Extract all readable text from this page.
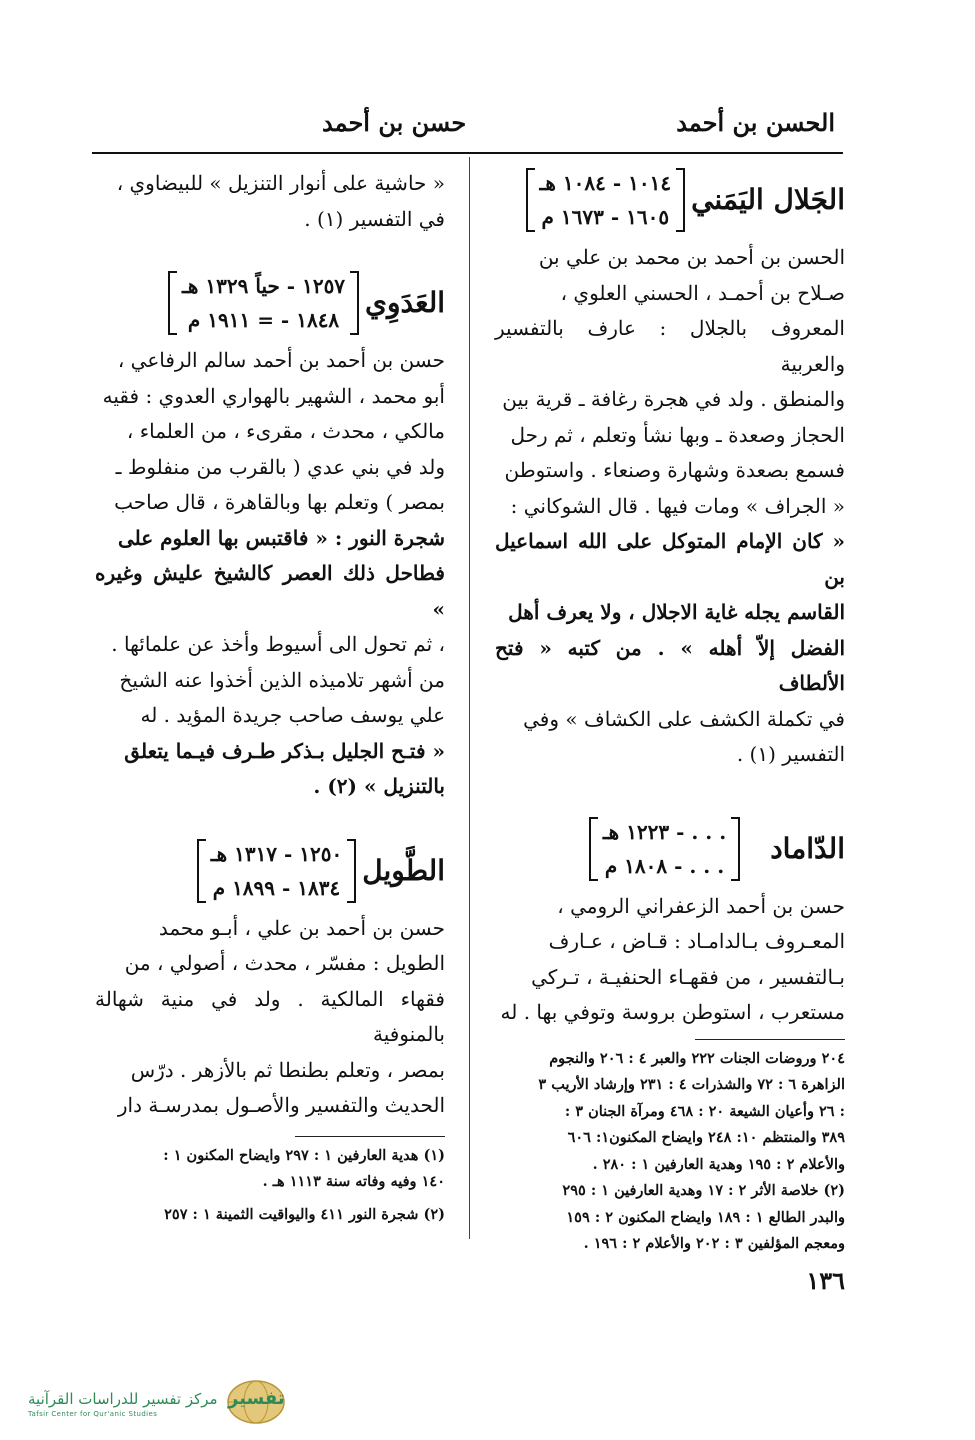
الحسن بن أحمد
حسن بن أحمد
الجَلال اليَمَني
١٠١٤ - ١٠٨٤ هـ
١٦٠٥ - ١٦٧٣ م

الحسن بن أحمد بن محمد بن علي بن

صـلاح بن أحمـد ، الحسني العلوي ،

المعروف بالجلال : عارف بالتفسير والعربية

والمنطق . ولد في هجرة رغافة ـ قرية بين

الحجاز وصعدة ـ وبها نشأ وتعلم ، ثم رحل

فسمع بصعدة وشهارة وصنعاء . واستوطن

« الجراف » ومات فيها . قال الشوكاني :

« كان الإمام المتوكل على الله اسماعيل بن

القاسم يجله غاية الاجلال ، ولا يعرف أهل

الفضل إلاّ أهله » . من كتبه « فتح الألطاف

في تكملة الكشف على الكشاف » وفي

التفسير (١) .

الدّاماد
. . . - ١٢٢٣ هـ
. . . - ١٨٠٨ م

حسن بن أحمد الزعفراني الرومي ،

المعـروف بـالدامـاد : قـاض ، عـارف

بـالتفسير ، من فقهـاء الحنفيـة ، تـركي

مستعرب ، استوطن بروسة وتوفي بها . له

٢٠٤ وروضات الجنات ٢٢٢ والعبر ٤ : ٢٠٦ والنجوم

الزاهرة ٦ : ٧٢ والشذرات ٤ : ٢٣١ وإرشاد الأريب ٣

: ٢٦ وأعيان الشيعة ٢٠ : ٤٦٨ ومرآة الجنان ٣ :

٣٨٩ والمنتظم ١٠: ٢٤٨ وايضاح المكنون١: ٦٠٦

والأعلام ٢ : ١٩٥ وهدية العارفين ١ : ٢٨٠ .

(٢) خلاصة الأثر ٢ : ١٧ وهدية العارفين ١ : ٢٩٥

والبدر الطالع ١ : ١٨٩ وايضاح المكنون ٢ : ١٥٩

ومعجم المؤلفين ٣ : ٢٠٢ والأعلام ٢ : ١٩٦ .

« حاشية على أنوار التنزيل » للبيضاوي ،

في التفسير (١) .

العَدَوِي
١٢٥٧ - حياً ١٣٢٩ هـ
١٨٤٨ - = ١٩١١ م

حسن بن أحمد بن أحمد سالم الرفاعي ،

أبو محمد ، الشهير بالهواري العدوي : فقيه

مالكي ، محدث ، مقرىء ، من العلماء ،

ولد في بني عدي ( بالقرب من منفلوط ـ

بمصر ) وتعلم بها وبالقاهرة ، قال صاحب

شجرة النور : « فاقتبس بها العلوم على

فطاحل ذلك العصر كالشيخ عليش وغيره »

، ثم تحول الى أسيوط وأخذ عن علمائها .

من أشهر تلاميذه الذين أخذوا عنه الشيخ

علي يوسف صاحب جريدة المؤيد . له

« فتـح الجليل بـذكر طـرف فيـما يتعلق

بالتنزيل » (٢) .

الطَّويل
١٢٥٠ - ١٣١٧ هـ
١٨٣٤ - ١٨٩٩ م

حسن بن أحمد بن علي ، أبـو محمد

الطويل : مفسّر ، محدث ، أصولي ، من

فقهاء المالكية . ولد في منية شهالة بالمنوفية

بمصر ، وتعلم بطنطا ثم بالأزهر . درّس

الحديث والتفسير والأصـول بمدرسـة دار

(١) هدية العارفين ١ : ٢٩٧ وايضاح المكنون ١ :

١٤٠ وفيه وفاته سنة ١١١٣ هـ .

(٢) شجرة النور ٤١١ واليواقيت الثمينة ١ : ٢٥٧

١٣٦
مركز تفسير للدراسات القرآنية
Tafsir Center for Qur'anic Studies
تفسير
